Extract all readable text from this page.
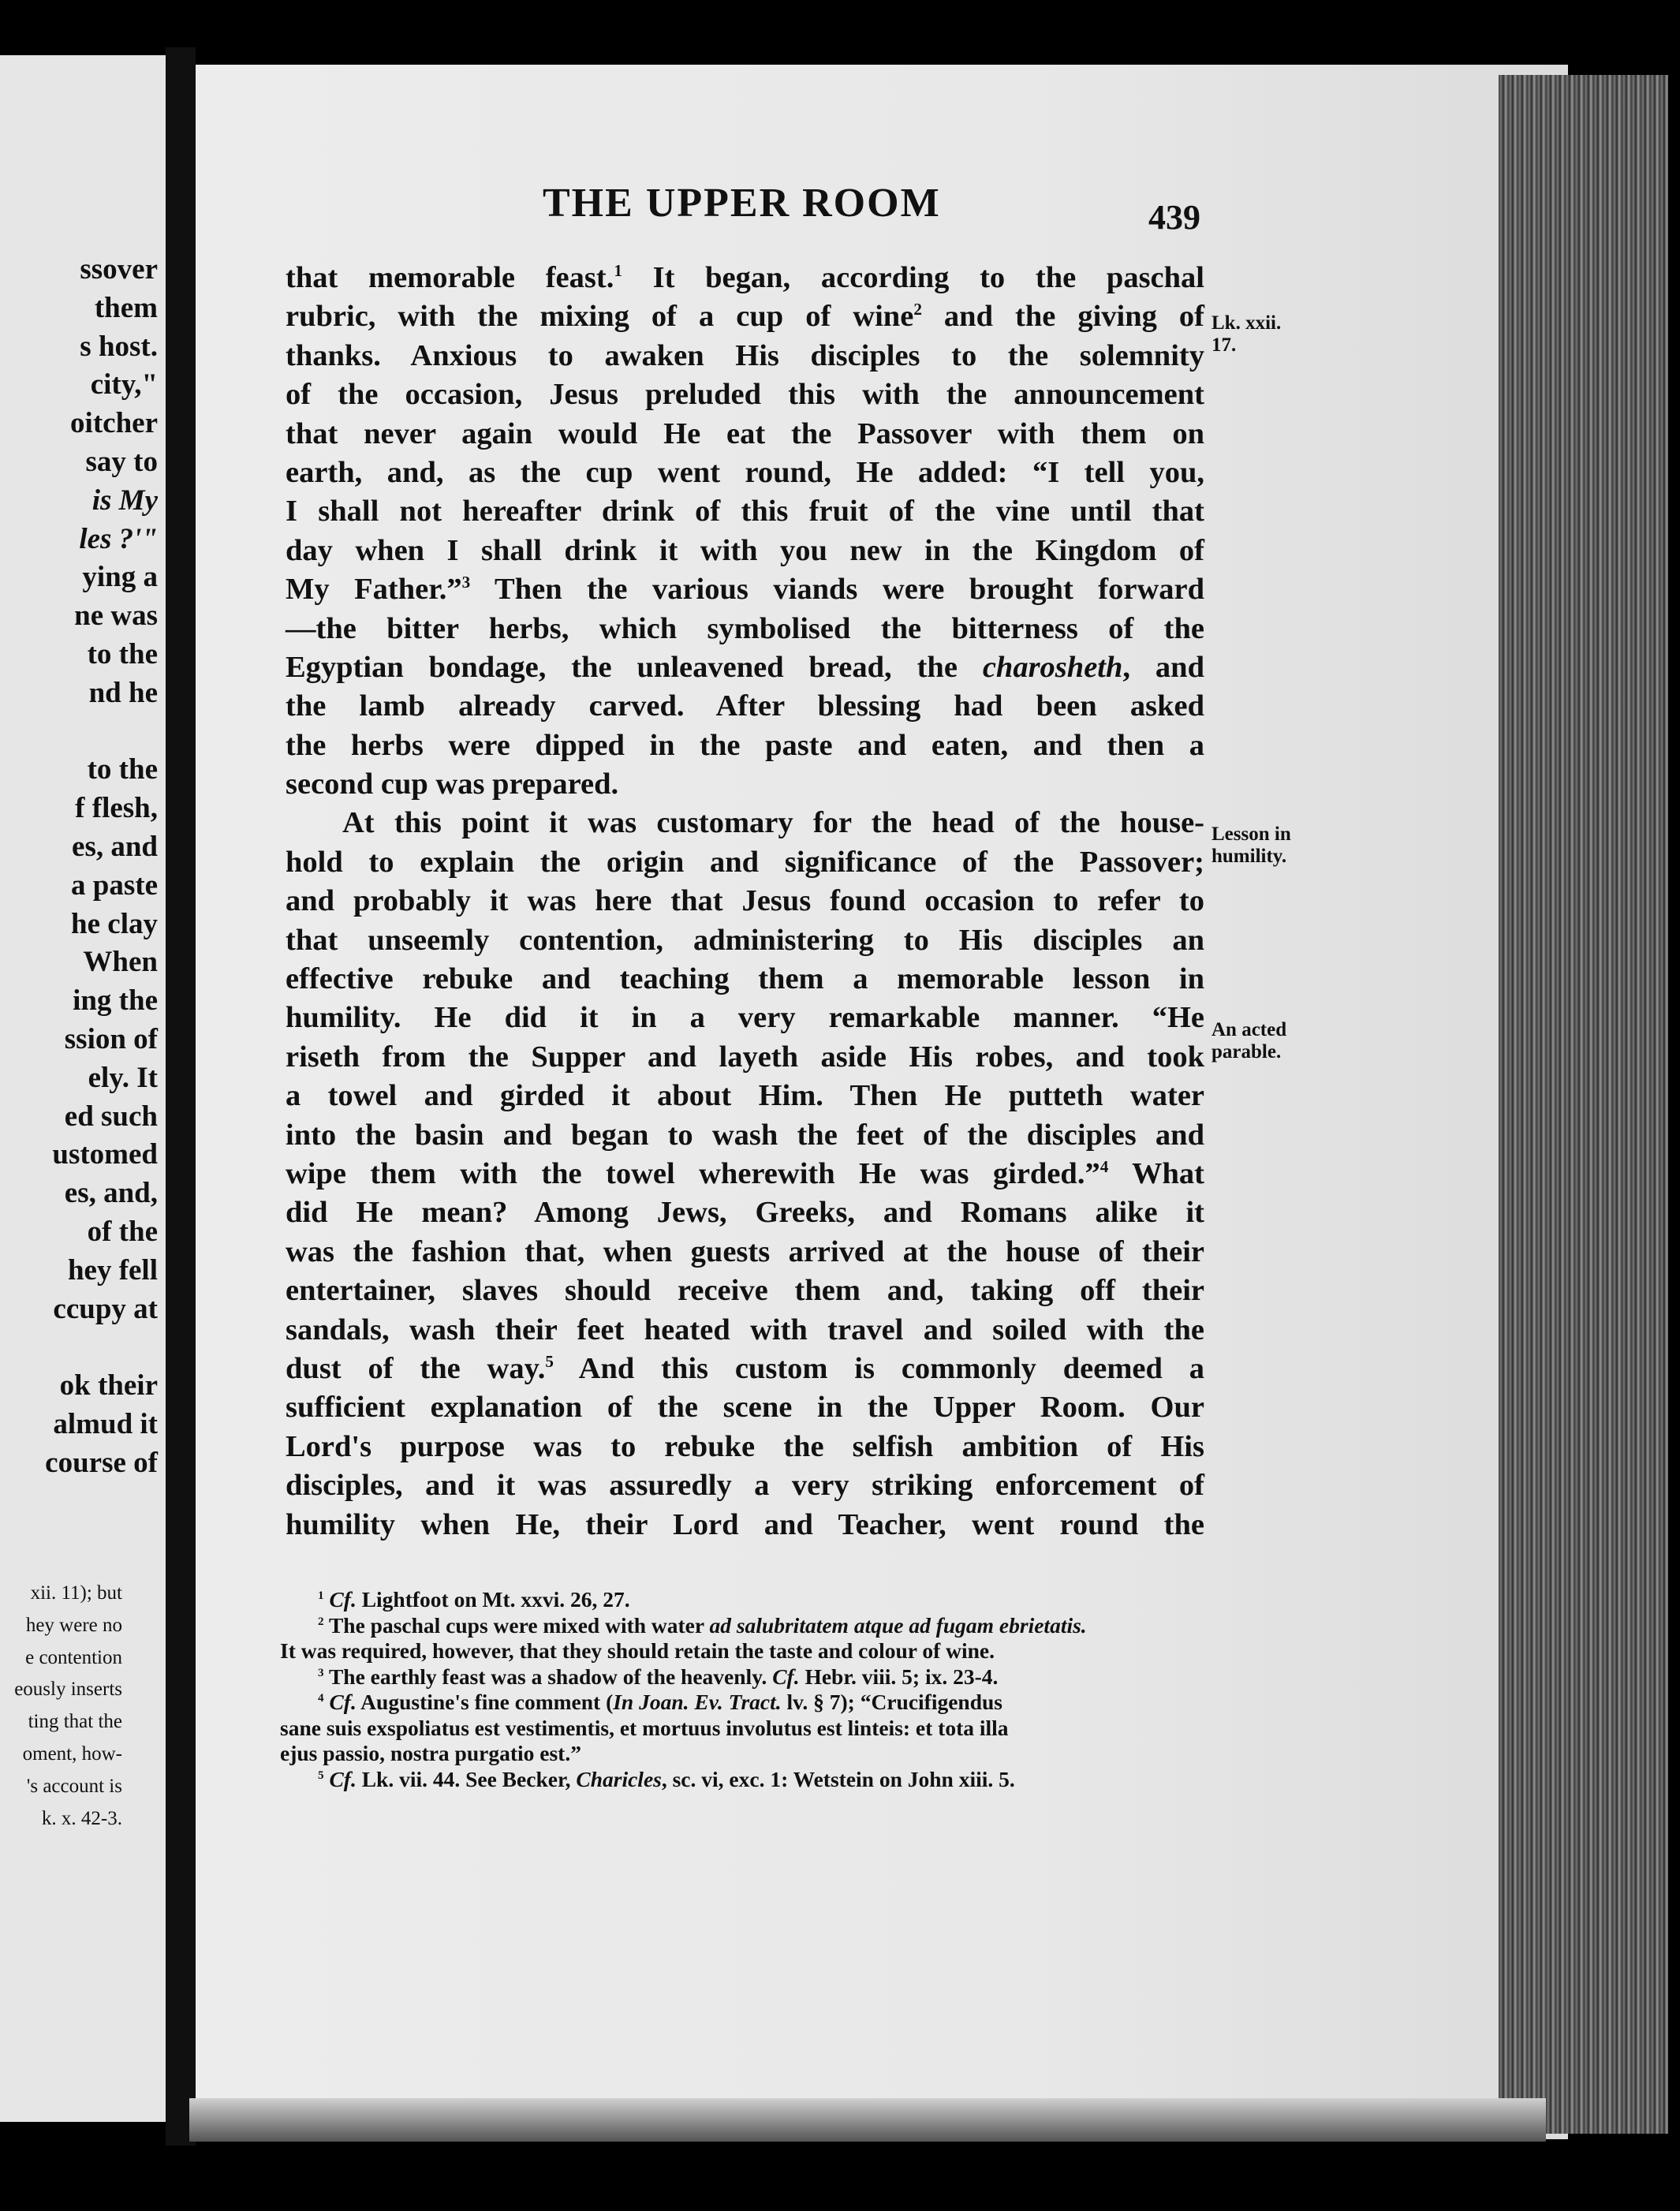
ssover
them
s host.
city,"
oitcher
say to
is My
les ?'"
ying a
ne was
to the
nd he
to the
f flesh,
es, and
a paste
he clay
When
ing the
ssion of
ely. It
ed such
ustomed
es, and,
of the
hey fell
ccupy at
ok their
almud it
course of
xii. 11); but
hey were no
e contention
eously inserts
ting that the
oment, how-
's account is
k. x. 42-3.
THE UPPER ROOM	439
that memorable feast.$^1$ It began, according to the paschal
rubric, with the mixing of a cup of wine$^2$ and the giving of
thanks. Anxious to awaken His disciples to the solemnity
of the occasion, Jesus preluded this with the announcement
that never again would He eat the Passover with them on
earth, and, as the cup went round, He added: “I tell you,
I shall not hereafter drink of this fruit of the vine until that
day when I shall drink it with you new in the Kingdom of
My Father.”$^3$ Then the various viands were brought forward
—the bitter herbs, which symbolised the bitterness of the
Egyptian bondage, the unleavened bread, the charosheth, and
the lamb already carved. After blessing had been asked
the herbs were dipped in the paste and eaten, and then a
second cup was prepared.
At this point it was customary for the head of the house-
hold to explain the origin and significance of the Passover;
and probably it was here that Jesus found occasion to refer to
that unseemly contention, administering to His disciples an
effective rebuke and teaching them a memorable lesson in
humility. He did it in a very remarkable manner. “He
riseth from the Supper and layeth aside His robes, and took
a towel and girded it about Him. Then He putteth water
into the basin and began to wash the feet of the disciples and
wipe them with the towel wherewith He was girded.”$^4$ What
did He mean? Among Jews, Greeks, and Romans alike it
was the fashion that, when guests arrived at the house of their
entertainer, slaves should receive them and, taking off their
sandals, wash their feet heated with travel and soiled with the
dust of the way.$^5$ And this custom is commonly deemed a
sufficient explanation of the scene in the Upper Room. Our
Lord's purpose was to rebuke the selfish ambition of His
disciples, and it was assuredly a very striking enforcement of
humility when He, their Lord and Teacher, went round the
Lk. xxii.
17.
Lesson in
humility.
An acted
parable.
$^1$ Cf. Lightfoot on Mt. xxvi. 26, 27.
$^2$ The paschal cups were mixed with water ad salubritatem atque ad fugam ebrietatis.
It was required, however, that they should retain the taste and colour of wine.
$^3$ The earthly feast was a shadow of the heavenly. Cf. Hebr. viii. 5; ix. 23-4.
$^4$ Cf. Augustine's fine comment (In Joan. Ev. Tract. lv. § 7); “Crucifigendus
sane suis exspoliatus est vestimentis, et mortuus involutus est linteis: et tota illa
ejus passio, nostra purgatio est.”
$^5$ Cf. Lk. vii. 44. See Becker, Charicles, sc. vi, exc. 1: Wetstein on John xiii. 5.
